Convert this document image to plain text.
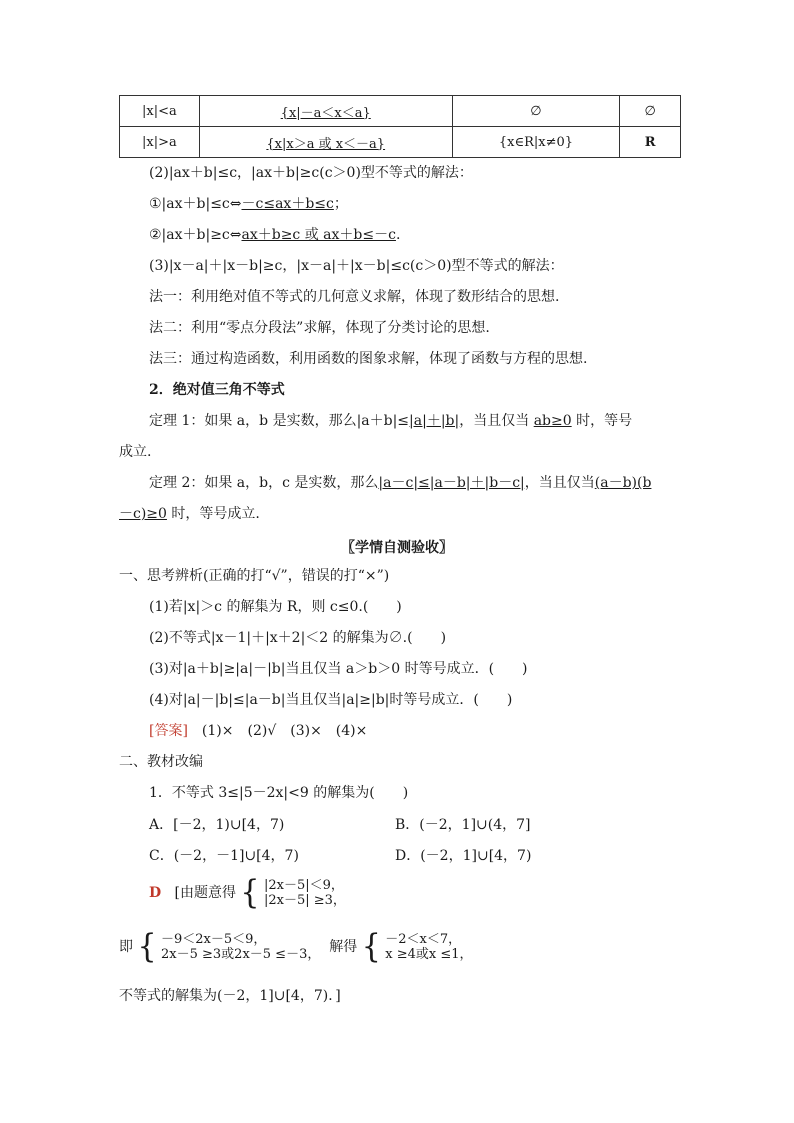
|x|<a	{x|－a＜x＜a}	∅	∅
|x|>a	{x|x＞a 或 x＜－a}	{x∈R|x≠0}	R
(2)|ax＋b|≤c，|ax＋b|≥c(c＞0)型不等式的解法：
①|ax＋b|≤c⇔－c≤ax＋b≤c；
②|ax＋b|≥c⇔ax＋b≥c 或 ax＋b≤－c.
(3)|x－a|＋|x－b|≥c，|x－a|＋|x－b|≤c(c＞0)型不等式的解法：
法一：利用绝对值不等式的几何意义求解，体现了数形结合的思想.
法二：利用“零点分段法”求解，体现了分类讨论的思想.
法三：通过构造函数，利用函数的图象求解，体现了函数与方程的思想.
2．绝对值三角不等式
定理 1：如果 a，b 是实数，那么|a＋b|≤|a|＋|b|，当且仅当 ab≥0 时，等号
成立.
定理 2：如果 a，b，c 是实数，那么|a－c|≤|a－b|＋|b－c|，当且仅当(a－b)(b
－c)≥0 时，等号成立.
〖学情自测验收〗
一、思考辨析(正确的打“√”，错误的打“×”)
(1)若|x|＞c 的解集为 R，则 c≤0.(　　)
(2)不等式|x－1|＋|x＋2|＜2 的解集为∅.(　　)
(3)对|a＋b|≥|a|－|b|当且仅当 a＞b＞0 时等号成立．(　　)
(4)对|a|－|b|≤|a－b|当且仅当|a|≥|b|时等号成立．(　　)
[答案]　(1)×　(2)√　(3)×　(4)×
二、教材改编
1．不等式 3≤|5－2x|<9 的解集为(　　)
A．[－2，1)∪[4，7)	B．(－2，1]∪(4，7]
C．(－2，－1]∪[4，7)	D．(－2，1]∪[4，7)
D [由题意得 { |2x－5|＜9，
|2x－5| ≥3，
即 { －9＜2x－5＜9，
2x－5 ≥3或2x－5 ≤－3， 解得 { －2＜x＜7，
x ≥4或x ≤1，
不等式的解集为(－2，1]∪[4，7)．]
